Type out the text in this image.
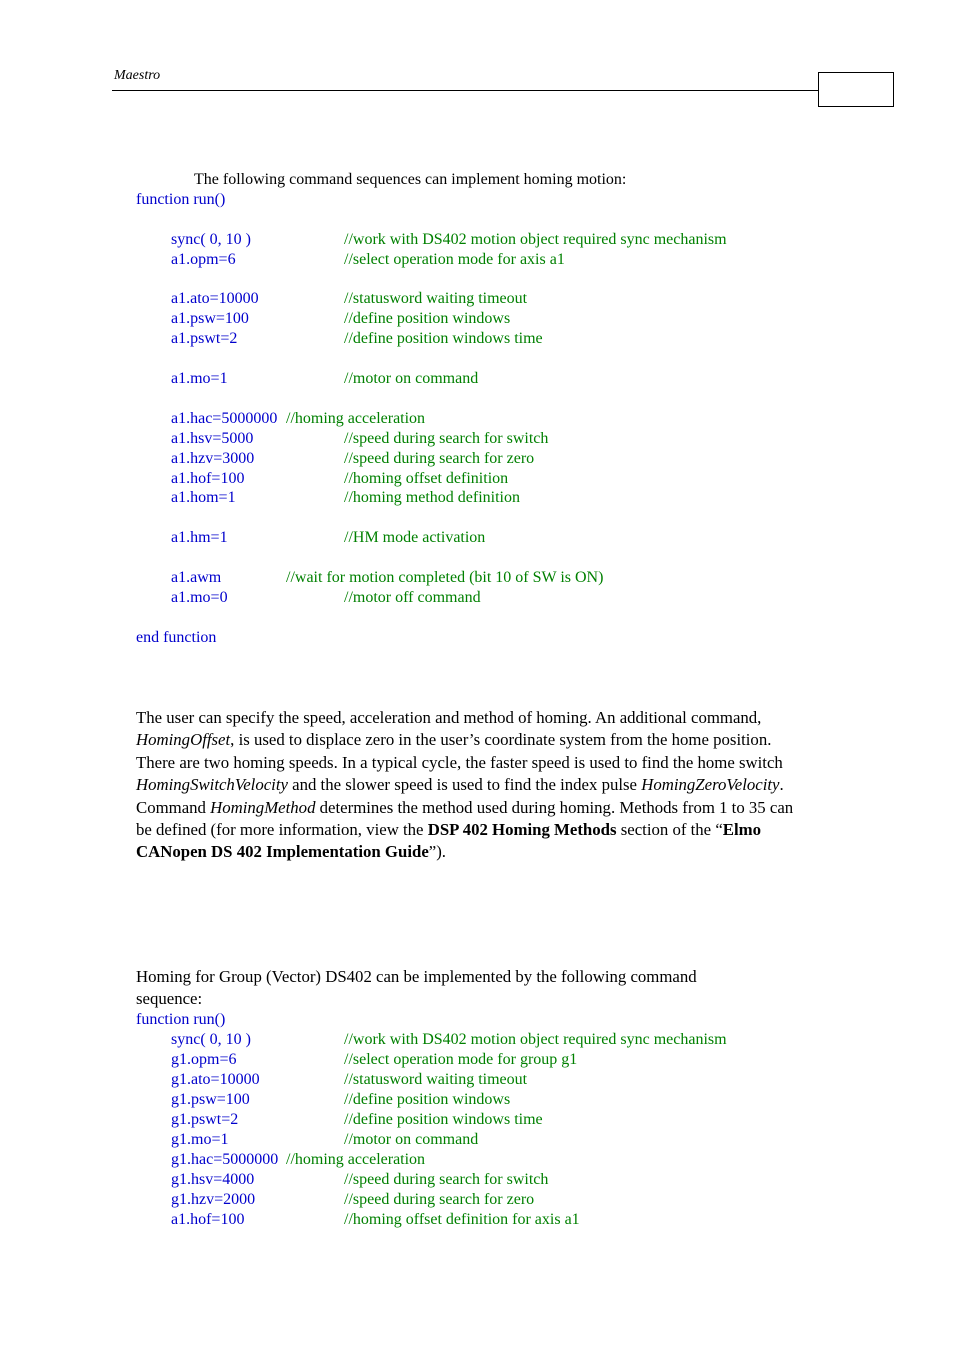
Maestro
The following command sequences can implement homing motion:
function run()
sync( 0, 10 )	//work with DS402 motion object required sync mechanism
a1.opm=6	//select operation mode for axis a1
a1.ato=10000	//statusword waiting timeout
a1.psw=100	//define position windows
a1.pswt=2	//define position windows time
a1.mo=1	//motor on command
a1.hac=5000000 //homing acceleration
a1.hsv=5000	//speed during search for switch
a1.hzv=3000	//speed during search for zero
a1.hof=100	//homing offset definition
a1.hom=1	//homing method definition
a1.hm=1	//HM mode activation
a1.awm	//wait for motion completed (bit 10 of SW is ON)
a1.mo=0	//motor off command
end function
The user can specify the speed, acceleration and method of homing. An additional command, HomingOffset, is used to displace zero in the user’s coordinate system from the home position. There are two homing speeds. In a typical cycle, the faster speed is used to find the home switch HomingSwitchVelocity and the slower speed is used to find the index pulse HomingZeroVelocity. Command HomingMethod determines the method used during homing. Methods from 1 to 35 can be defined (for more information, view the DSP 402 Homing Methods section of the “Elmo CANopen DS 402 Implementation Guide”).
Homing for Group (Vector) DS402 can be implemented by the following command
sequence:
function run()
sync( 0, 10 )	//work with DS402 motion object required sync mechanism
g1.opm=6	//select operation mode for group g1
g1.ato=10000	//statusword waiting timeout
g1.psw=100	//define position windows
g1.pswt=2	//define position windows time
g1.mo=1	//motor on command
g1.hac=5000000 //homing acceleration
g1.hsv=4000	//speed during search for switch
g1.hzv=2000	//speed during search for zero
a1.hof=100	//homing offset definition for axis a1
